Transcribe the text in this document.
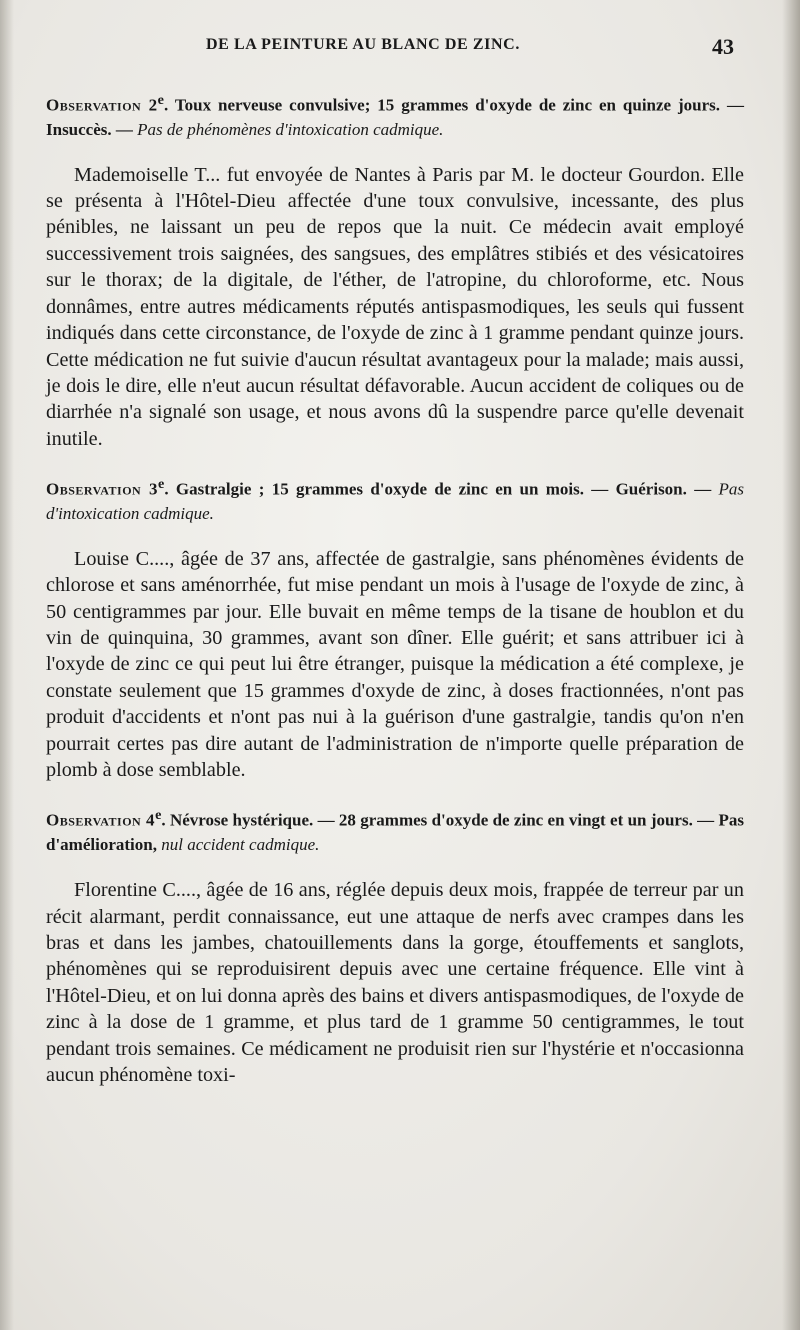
DE LA PEINTURE AU BLANC DE ZINC.	43
Observation 2e. Toux nerveuse convulsive; 15 grammes d'oxyde de zinc en quinze jours. — Insuccès. — Pas de phénomènes d'intoxication cadmique.

Mademoiselle T... fut envoyée de Nantes à Paris par M. le docteur Gourdon. Elle se présenta à l'Hôtel-Dieu affectée d'une toux convulsive, incessante, des plus pénibles, ne laissant un peu de repos que la nuit. Ce médecin avait employé successivement trois saignées, des sangsues, des emplâtres stibiés et des vésicatoires sur le thorax; de la digitale, de l'éther, de l'atropine, du chloroforme, etc. Nous donnâmes, entre autres médicaments réputés antispasmodiques, les seuls qui fussent indiqués dans cette circonstance, de l'oxyde de zinc à 1 gramme pendant quinze jours. Cette médication ne fut suivie d'aucun résultat avantageux pour la malade; mais aussi, je dois le dire, elle n'eut aucun résultat défavorable. Aucun accident de coliques ou de diarrhée n'a signalé son usage, et nous avons dû la suspendre parce qu'elle devenait inutile.

Observation 3e. Gastralgie ; 15 grammes d'oxyde de zinc en un mois. — Guérison. — Pas d'intoxication cadmique.

Louise C...., âgée de 37 ans, affectée de gastralgie, sans phénomènes évidents de chlorose et sans aménorrhée, fut mise pendant un mois à l'usage de l'oxyde de zinc, à 50 centigrammes par jour. Elle buvait en même temps de la tisane de houblon et du vin de quinquina, 30 grammes, avant son dîner. Elle guérit; et sans attribuer ici à l'oxyde de zinc ce qui peut lui être étranger, puisque la médication a été complexe, je constate seulement que 15 grammes d'oxyde de zinc, à doses fractionnées, n'ont pas produit d'accidents et n'ont pas nui à la guérison d'une gastralgie, tandis qu'on n'en pourrait certes pas dire autant de l'administration de n'importe quelle préparation de plomb à dose semblable.

Observation 4e. Névrose hystérique. — 28 grammes d'oxyde de zinc en vingt et un jours. — Pas d'amélioration, nul accident cadmique.

Florentine C...., âgée de 16 ans, réglée depuis deux mois, frappée de terreur par un récit alarmant, perdit connaissance, eut une attaque de nerfs avec crampes dans les bras et dans les jambes, chatouillements dans la gorge, étouffements et sanglots, phénomènes qui se reproduisirent depuis avec une certaine fréquence. Elle vint à l'Hôtel-Dieu, et on lui donna après des bains et divers antispasmodiques, de l'oxyde de zinc à la dose de 1 gramme, et plus tard de 1 gramme 50 centigrammes, le tout pendant trois semaines. Ce médicament ne produisit rien sur l'hystérie et n'occasionna aucun phénomène toxi-
